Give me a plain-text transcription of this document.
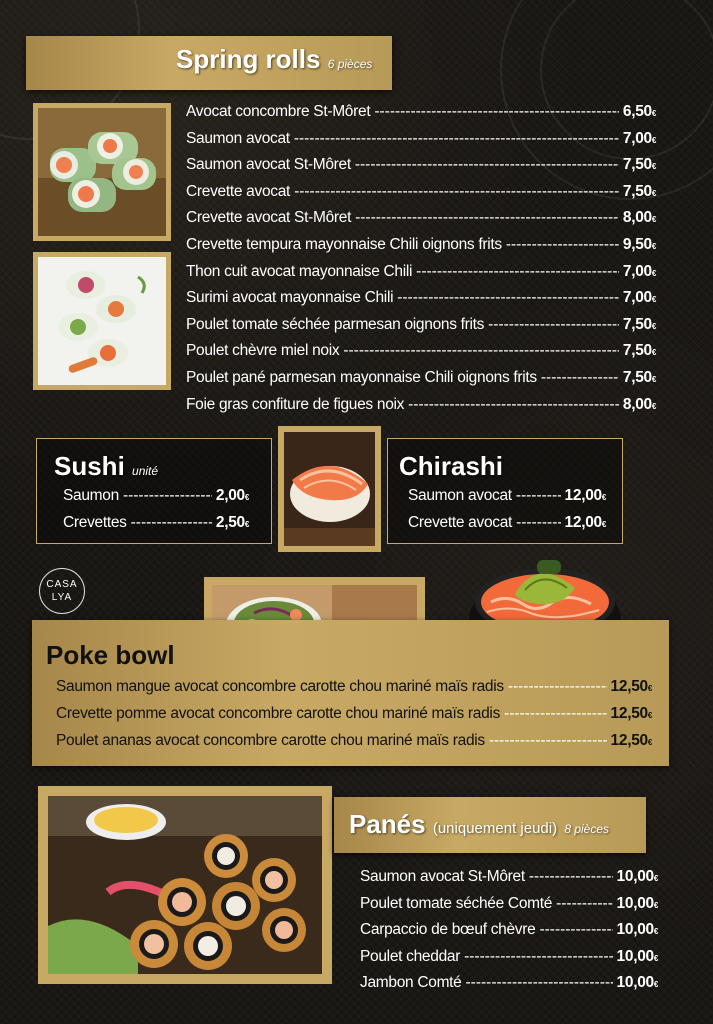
Spring rolls 6 pièces
Avocat concombre St-Môret -----	6,50 €
Saumon avocat -----	7,00 €
Saumon avocat St-Môret -----	7,50 €
Crevette avocat -----	7,50 €
Crevette avocat St-Môret -----	8,00 €
Crevette tempura mayonnaise Chili oignons frits -----	9,50 €
Thon cuit avocat mayonnaise Chili -----	7,00 €
Surimi avocat mayonnaise Chili -----	7,00 €
Poulet tomate séchée parmesan oignons frits -----	7,50 €
Poulet chèvre miel noix -----	7,50 €
Poulet pané parmesan mayonnaise Chili oignons frits -----	7,50 €
Foie gras confiture de figues noix -----	8,00 €
Sushi unité
Saumon -----	2,00 €
Crevettes -----	2,50 €
Chirashi
Saumon avocat -----	12,00 €
Crevette avocat -----	12,00 €
CASA
LYA
Poke bowl
Saumon mangue avocat concombre carotte chou mariné maïs radis -----	12,50 €
Crevette pomme avocat concombre carotte chou mariné maïs radis -----	12,50 €
Poulet ananas avocat concombre carotte chou mariné maïs radis -----	12,50 €
Panés (uniquement jeudi) 8 pièces
Saumon avocat St-Môret -----	10,00 €
Poulet tomate séchée Comté -----	10,00 €
Carpaccio de bœuf chèvre -----	10,00 €
Poulet cheddar -----	10,00 €
Jambon Comté -----	10,00 €
